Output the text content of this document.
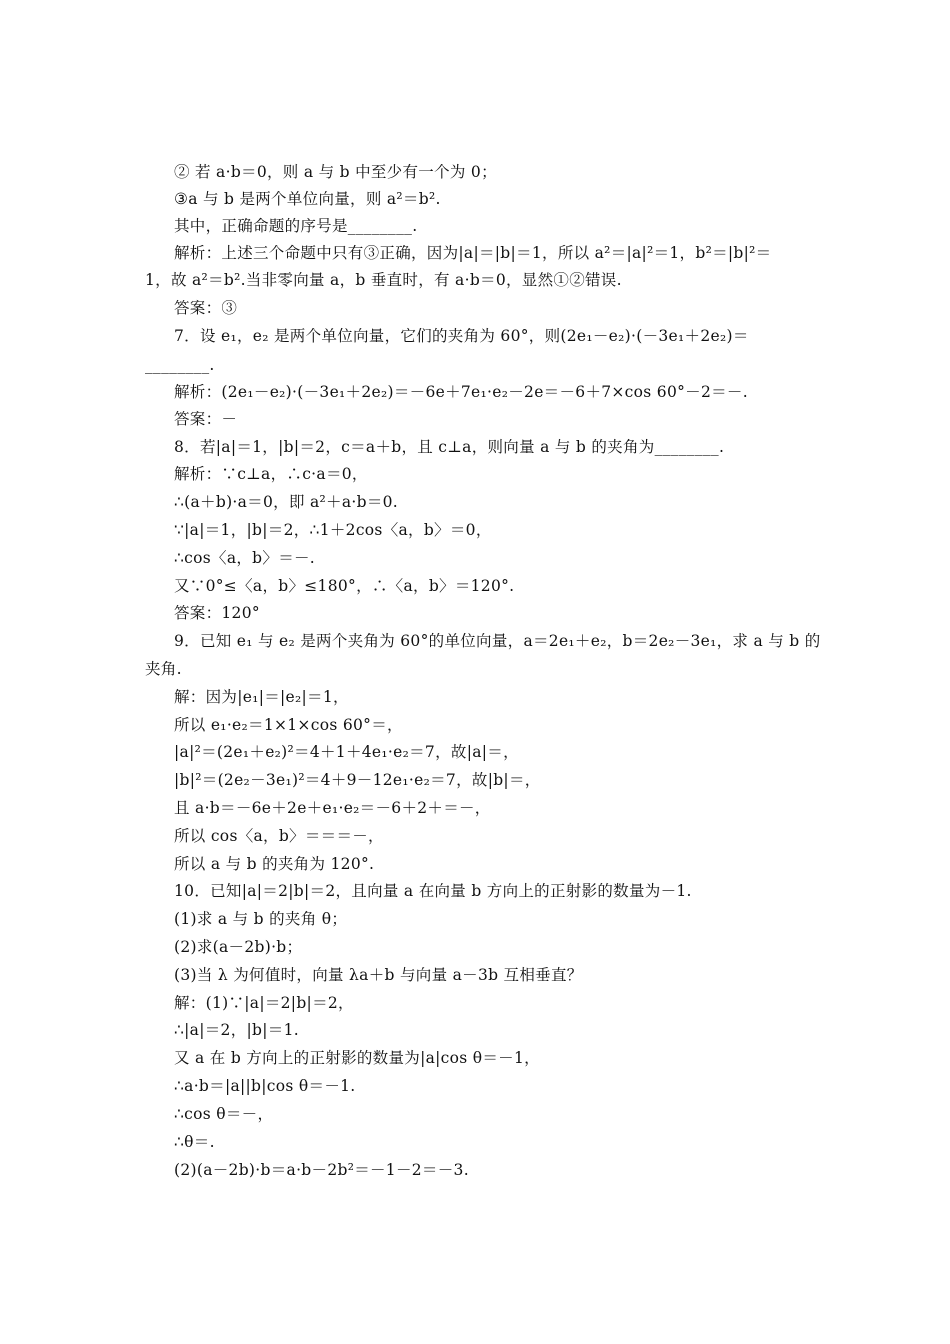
② 若 a·b＝0，则 a 与 b 中至少有一个为 0；
③a 与 b 是两个单位向量，则 a²＝b².
其中，正确命题的序号是________.
解析：上述三个命题中只有③正确，因为|a|＝|b|＝1，所以 a²＝|a|²＝1，b²＝|b|²＝
1，故 a²＝b².当非零向量 a，b 垂直时，有 a·b＝0，显然①②错误.
答案：③
7．设 e₁，e₂ 是两个单位向量，它们的夹角为 60°，则(2e₁－e₂)·(－3e₁＋2e₂)＝
________.
解析：(2e₁－e₂)·(－3e₁＋2e₂)＝－6e＋7e₁·e₂－2e＝－6＋7×cos 60°－2＝－.
答案：－
8．若|a|＝1，|b|＝2，c＝a＋b，且 c⊥a，则向量 a 与 b 的夹角为________.
解析：∵c⊥a，∴c·a＝0，
∴(a＋b)·a＝0，即 a²＋a·b＝0.
∵|a|＝1，|b|＝2，∴1＋2cos〈a，b〉＝0，
∴cos〈a，b〉＝－.
又∵0°≤〈a，b〉≤180°，∴〈a，b〉＝120°.
答案：120°
9．已知 e₁ 与 e₂ 是两个夹角为 60°的单位向量，a＝2e₁＋e₂，b＝2e₂－3e₁，求 a 与 b 的
夹角.
解：因为|e₁|＝|e₂|＝1，
所以 e₁·e₂＝1×1×cos 60°＝，
|a|²＝(2e₁＋e₂)²＝4＋1＋4e₁·e₂＝7，故|a|＝，
|b|²＝(2e₂－3e₁)²＝4＋9－12e₁·e₂＝7，故|b|＝，
且 a·b＝－6e＋2e＋e₁·e₂＝－6＋2＋＝－，
所以 cos〈a，b〉＝＝＝－，
所以 a 与 b 的夹角为 120°.
10．已知|a|＝2|b|＝2，且向量 a 在向量 b 方向上的正射影的数量为－1.
(1)求 a 与 b 的夹角 θ；
(2)求(a－2b)·b；
(3)当 λ 为何值时，向量 λa＋b 与向量 a－3b 互相垂直？
解：(1)∵|a|＝2|b|＝2，
∴|a|＝2，|b|＝1.
又 a 在 b 方向上的正射影的数量为|a|cos θ＝－1，
∴a·b＝|a||b|cos θ＝－1.
∴cos θ＝－，
∴θ＝.
(2)(a－2b)·b＝a·b－2b²＝－1－2＝－3.
